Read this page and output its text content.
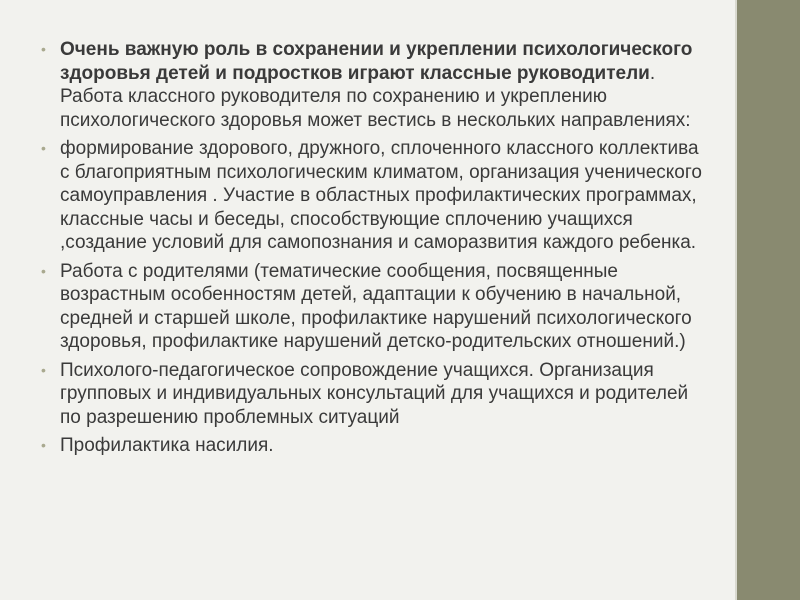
• Очень важную роль в сохранении и укреплении психологического здоровья детей и подростков играют классные руководители. Работа классного руководителя по сохранению и укреплению психологического здоровья может вестись в нескольких направлениях:
• формирование здорового, дружного, сплоченного классного коллектива с благоприятным психологическим климатом, организация ученического самоуправления . Участие в областных профилактических программах, классные часы и беседы, способствующие сплочению учащихся ,создание условий для самопознания и саморазвития каждого ребенка.
• Работа с родителями (тематические сообщения, посвященные возрастным особенностям детей, адаптации к обучению в начальной, средней и старшей школе, профилактике нарушений психологического здоровья, профилактике нарушений детско-родительских отношений.)
• Психолого-педагогическое сопровождение учащихся. Организация групповых и индивидуальных консультаций для учащихся и родителей по разрешению проблемных ситуаций
• Профилактика насилия.
